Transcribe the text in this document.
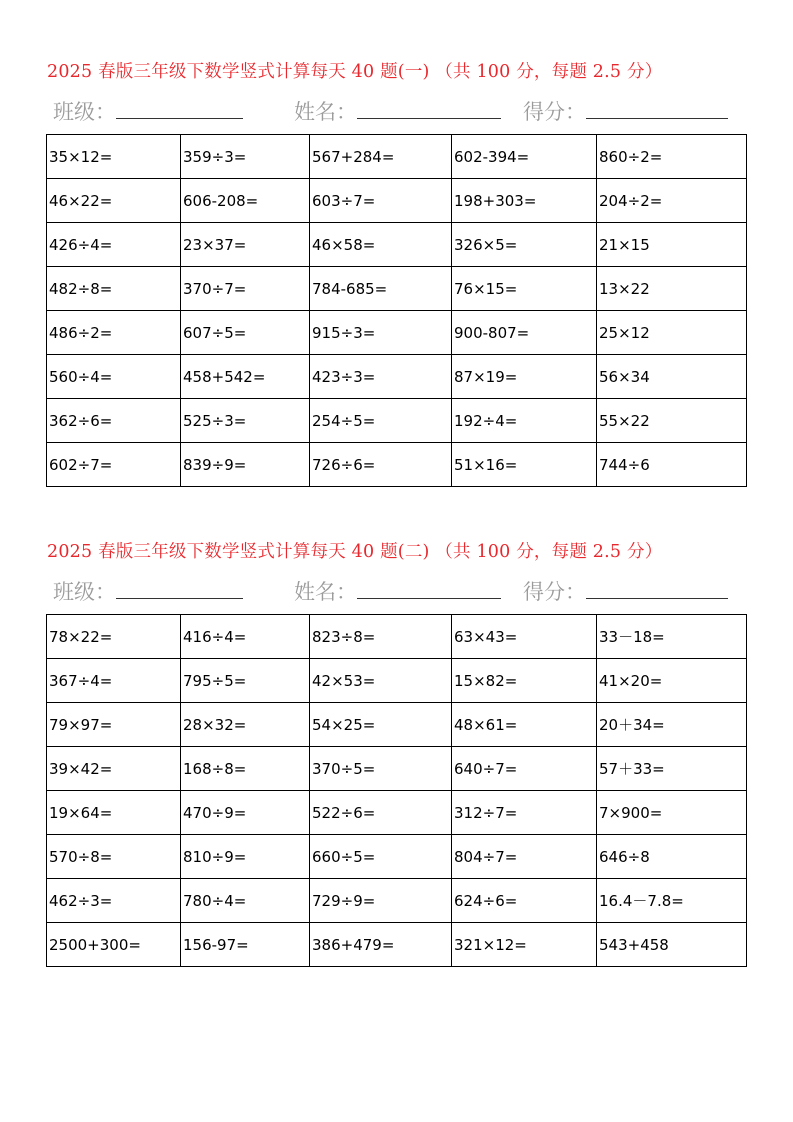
2025 春版三年级下数学竖式计算每天 40 题(一) （共 100 分，每题 2.5 分）
班级：	姓名：	得分：
35×12=	359÷3=	567+284=	602-394=	860÷2=
46×22=	606-208=	603÷7=	198+303=	204÷2=
426÷4=	23×37=	46×58=	326×5=	21×15
482÷8=	370÷7=	784-685=	76×15=	13×22
486÷2=	607÷5=	915÷3=	900-807=	25×12
560÷4=	458+542=	423÷3=	87×19=	56×34
362÷6=	525÷3=	254÷5=	192÷4=	55×22
602÷7=	839÷9=	726÷6=	51×16=	744÷6
2025 春版三年级下数学竖式计算每天 40 题(二) （共 100 分，每题 2.5 分）
班级：	姓名：	得分：
78×22=	416÷4=	823÷8=	63×43=	33－18=
367÷4=	795÷5=	42×53=	15×82=	41×20=
79×97=	28×32=	54×25=	48×61=	20＋34=
39×42=	168÷8=	370÷5=	640÷7=	57＋33=
19×64=	470÷9=	522÷6=	312÷7=	7×900=
570÷8=	810÷9=	660÷5=	804÷7=	646÷8
462÷3=	780÷4=	729÷9=	624÷6=	16.4－7.8=
2500+300=	156-97=	386+479=	321×12=	543+458
